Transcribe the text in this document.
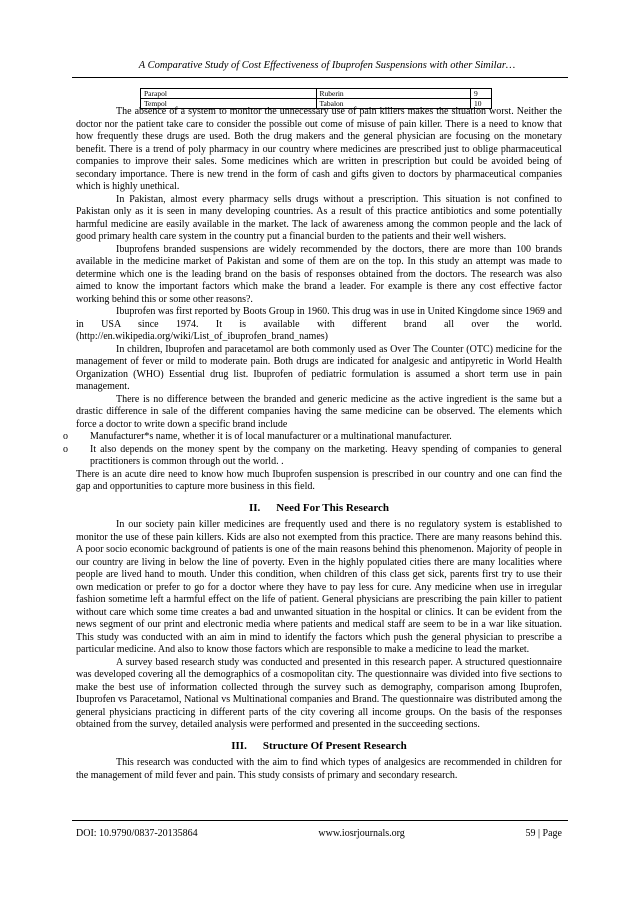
A Comparative Study of Cost Effectiveness of Ibuprofen Suspensions with other Similar…
Parapol	Ruberin	9
Tempol	Tabalon	10

The absence of a system to monitor the unnecessary use of pain killers makes the situation worst. Neither the doctor nor the patient take care to consider the possible out come of misuse of pain killer. There is a need to know that how frequently these drugs are used. Both the drug makers and the general physician are focusing on the monetary benefit. There is a trend of poly pharmacy in our country where medicines are prescribed just to oblige pharmaceutical companies to improve their sales. Some medicines which are written in prescription but could be avoided being of secondary importance. There is new trend in the form of cash and gifts given to doctors by pharmaceutical companies which is highly unethical.

In Pakistan, almost every pharmacy sells drugs without a prescription. This situation is not confined to Pakistan only as it is seen in many developing countries. As a result of this practice antibiotics and some potentially harmful medicine are easily available in the market. The lack of awareness among the common people and the lack of good primary health care system in the country put a financial burden to the patients and their well wishers.

Ibuprofens branded suspensions are widely recommended by the doctors, there are more than 100 brands available in the medicine market of Pakistan and some of them are on the top. In this study an attempt was made to determine which one is the leading brand on the basis of responses obtained from the doctors. The research was also aimed to know the important factors which make the brand a leader. For example is there any cost effective factor working behind this or some other reasons?.

Ibuprofen was first reported by Boots Group in 1960. This drug was in use in United Kingdome since 1969 and in USA since 1974. It is available with different brand all over the world. (http://en.wikipedia.org/wiki/List_of_ibuprofen_brand_names)

In children, Ibuprofen and paracetamol are both commonly used as Over The Counter (OTC) medicine for the management of fever or mild to moderate pain. Both drugs are indicated for analgesic and antipyretic in World Health Organization (WHO) Essential drug list. Ibuprofen of pediatric formulation is assumed a short term use in pain management.

There is no difference between the branded and generic medicine as the active ingredient is the same but a drastic difference in sale of the different companies having the same medicine can be observed. The elements which force a doctor to write down a specific brand include

o Manufacturer*s name, whether it is of local manufacturer or a multinational manufacturer.
o It also depends on the money spent by the company on the marketing. Heavy spending of companies to general practitioners is common through out the world. .

There is an acute dire need to know how much Ibuprofen suspension is prescribed in our country and one can find the gap and opportunities to capture more business in this field.

II. Need For This Research

In our society pain killer medicines are frequently used and there is no regulatory system is established to monitor the use of these pain killers. Kids are also not exempted from this practice. There are many reasons behind this. A poor socio economic background of patients is one of the main reasons behind this phenomenon. Majority of people in our country are living in below the line of poverty. Even in the highly populated cities there are many localities where people are lived hand to mouth. Under this condition, when children of this class get sick, parents first try to use their own medication or prefer to go for a doctor where they have to pay less for cure. Any medicine when use in irregular fashion sometime left a harmful effect on the life of patient. General physicians are prescribing the pain killer to patient without care which some time creates a bad and unwanted situation in the hospital or clinics. It can be evident from the news segment of our print and electronic media where patients and medical staff are seem to be in a war like situation. This study was conducted with an aim in mind to identify the factors which push the general physician to prescribe a particular medicine. And also to know those factors which are responsible to make a medicine to lead the market.

A survey based research study was conducted and presented in this research paper. A structured questionnaire was developed covering all the demographics of a cosmopolitan city. The questionnaire was divided into five sections to make the best use of information collected through the survey such as demography, comparison among Ibuprofen, Ibuprofen vs Paracetamol, National vs Multinational companies and Brand. The questionnaire was distributed among the general physicians practicing in different parts of the city covering all income groups. On the basis of the responses obtained from the survey, detailed analysis were performed and presented in the succeeding sections.

III. Structure Of Present Research

This research was conducted with the aim to find which types of analgesics are recommended in children for the management of mild fever and pain. This study consists of primary and secondary research.

DOI: 10.9790/0837-20135864	www.iosrjournals.org	59 | Page
